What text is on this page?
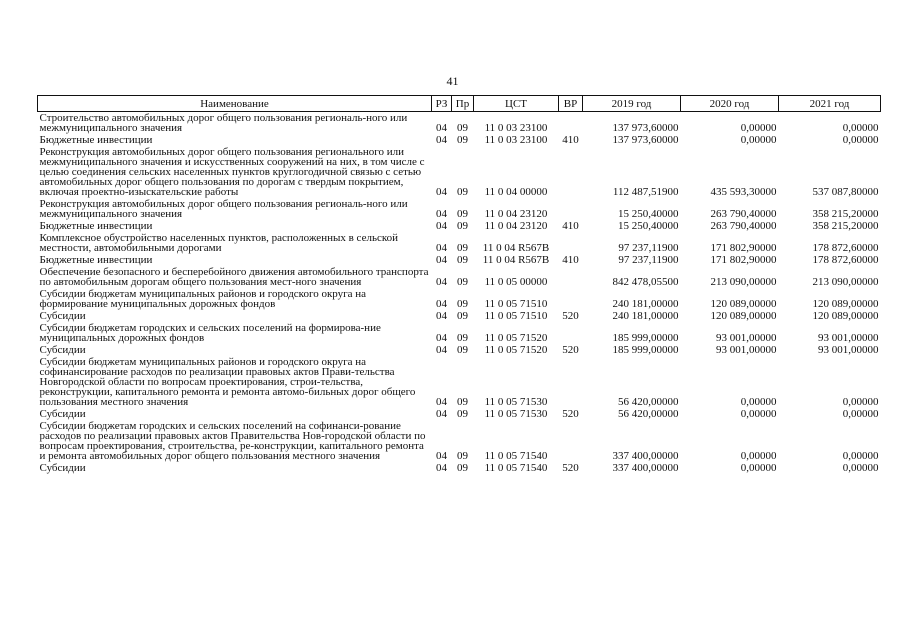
41
Наименование	РЗ	Пр	ЦСТ	ВР	2019 год	2020 год	2021 год
Строительство автомобильных дорог общего пользования региональ-ного или межмуниципального значения	04	09	11 0 03 23100		137 973,60000	0,00000	0,00000
Бюджетные инвестиции	04	09	11 0 03 23100	410	137 973,60000	0,00000	0,00000
Реконструкция автомобильных дорог общего пользования регионального или межмуниципального значения и искусственных сооружений на них, в том числе с целью соединения сельских населенных пунктов круглогодичной связью с сетью автомобильных дорог общего пользования по дорогам с твердым покрытием, включая проектно-изыскательские работы	04	09	11 0 04 00000		112 487,51900	435 593,30000	537 087,80000
Реконструкция автомобильных дорог общего пользования региональ-ного или межмуниципального значения	04	09	11 0 04 23120		15 250,40000	263 790,40000	358 215,20000
Бюджетные инвестиции	04	09	11 0 04 23120	410	15 250,40000	263 790,40000	358 215,20000
Комплексное обустройство населенных пунктов, расположенных в сельской местности, автомобильными дорогами	04	09	11 0 04 R567B		97 237,11900	171 802,90000	178 872,60000
Бюджетные инвестиции	04	09	11 0 04 R567B	410	97 237,11900	171 802,90000	178 872,60000
Обеспечение безопасного и бесперебойного движения автомобильного транспорта по автомобильным дорогам общего пользования мест-ного значения	04	09	11 0 05 00000		842 478,05500	213 090,00000	213 090,00000
Субсидии бюджетам муниципальных районов и городского округа на формирование муниципальных дорожных фондов	04	09	11 0 05 71510		240 181,00000	120 089,00000	120 089,00000
Субсидии	04	09	11 0 05 71510	520	240 181,00000	120 089,00000	120 089,00000
Субсидии бюджетам городских и сельских поселений на формирова-ние муниципальных дорожных фондов	04	09	11 0 05 71520		185 999,00000	93 001,00000	93 001,00000
Субсидии	04	09	11 0 05 71520	520	185 999,00000	93 001,00000	93 001,00000
Субсидии бюджетам муниципальных районов и городского округа на софинансирование расходов по реализации правовых актов Прави-тельства Новгородской области по вопросам проектирования, строи-тельства, реконструкции, капитального ремонта и ремонта автомо-бильных дорог общего пользования местного значения	04	09	11 0 05 71530		56 420,00000	0,00000	0,00000
Субсидии	04	09	11 0 05 71530	520	56 420,00000	0,00000	0,00000
Субсидии бюджетам городских и сельских поселений на софинанси-рование расходов по реализации правовых актов Правительства Нов-городской области по вопросам проектирования, строительства, ре-конструкции, капитального ремонта и ремонта автомобильных дорог общего пользования местного значения	04	09	11 0 05 71540		337 400,00000	0,00000	0,00000
Субсидии	04	09	11 0 05 71540	520	337 400,00000	0,00000	0,00000
